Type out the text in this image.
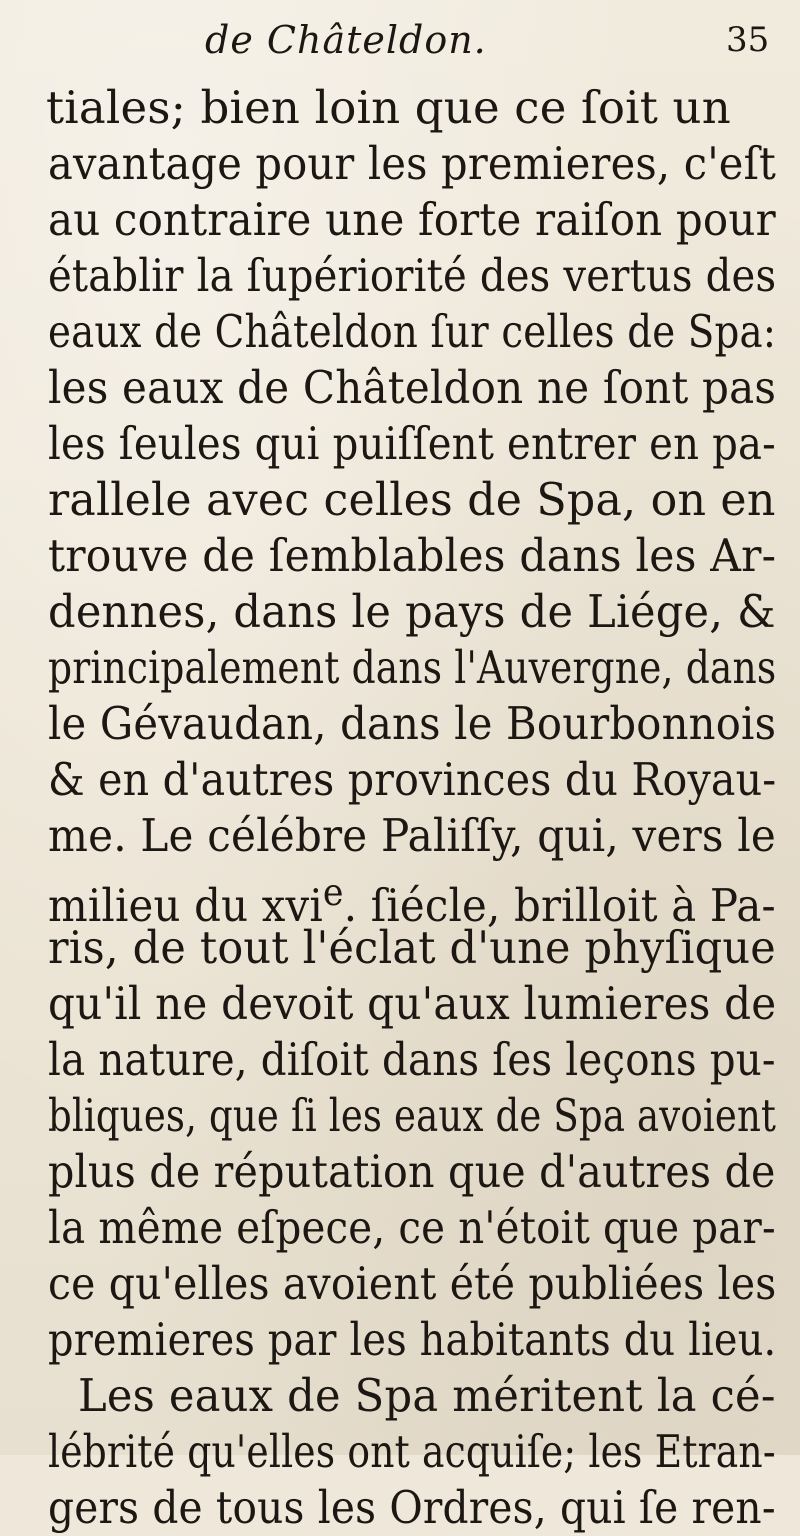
de Châteldon.	35
tiales; bien loin que ce ſoit un
avantage pour les premieres, c'eſt
au contraire une forte raiſon pour
établir la ſupériorité des vertus des
eaux de Châteldon ſur celles de Spa:
les eaux de Châteldon ne ſont pas
les ſeules qui puiſſent entrer en pa-
rallele avec celles de Spa, on en
trouve de ſemblables dans les Ar-
dennes, dans le pays de Liége, &
principalement dans l'Auvergne, dans
le Gévaudan, dans le Bourbonnois
& en d'autres provinces du Royau-
me. Le célébre Paliſſy, qui, vers le
milieu du xvi$^e$. ſiécle, brilloit à Pa-
ris, de tout l'éclat d'une phyſique
qu'il ne devoit qu'aux lumieres de
la nature, diſoit dans ſes leçons pu-
bliques, que ſi les eaux de Spa avoient
plus de réputation que d'autres de
la même eſpece, ce n'étoit que par-
ce qu'elles avoient été publiées les
premieres par les habitants du lieu.
Les eaux de Spa méritent la cé-
lébrité qu'elles ont acquiſe; les Etran-
gers de tous les Ordres, qui ſe ren-
